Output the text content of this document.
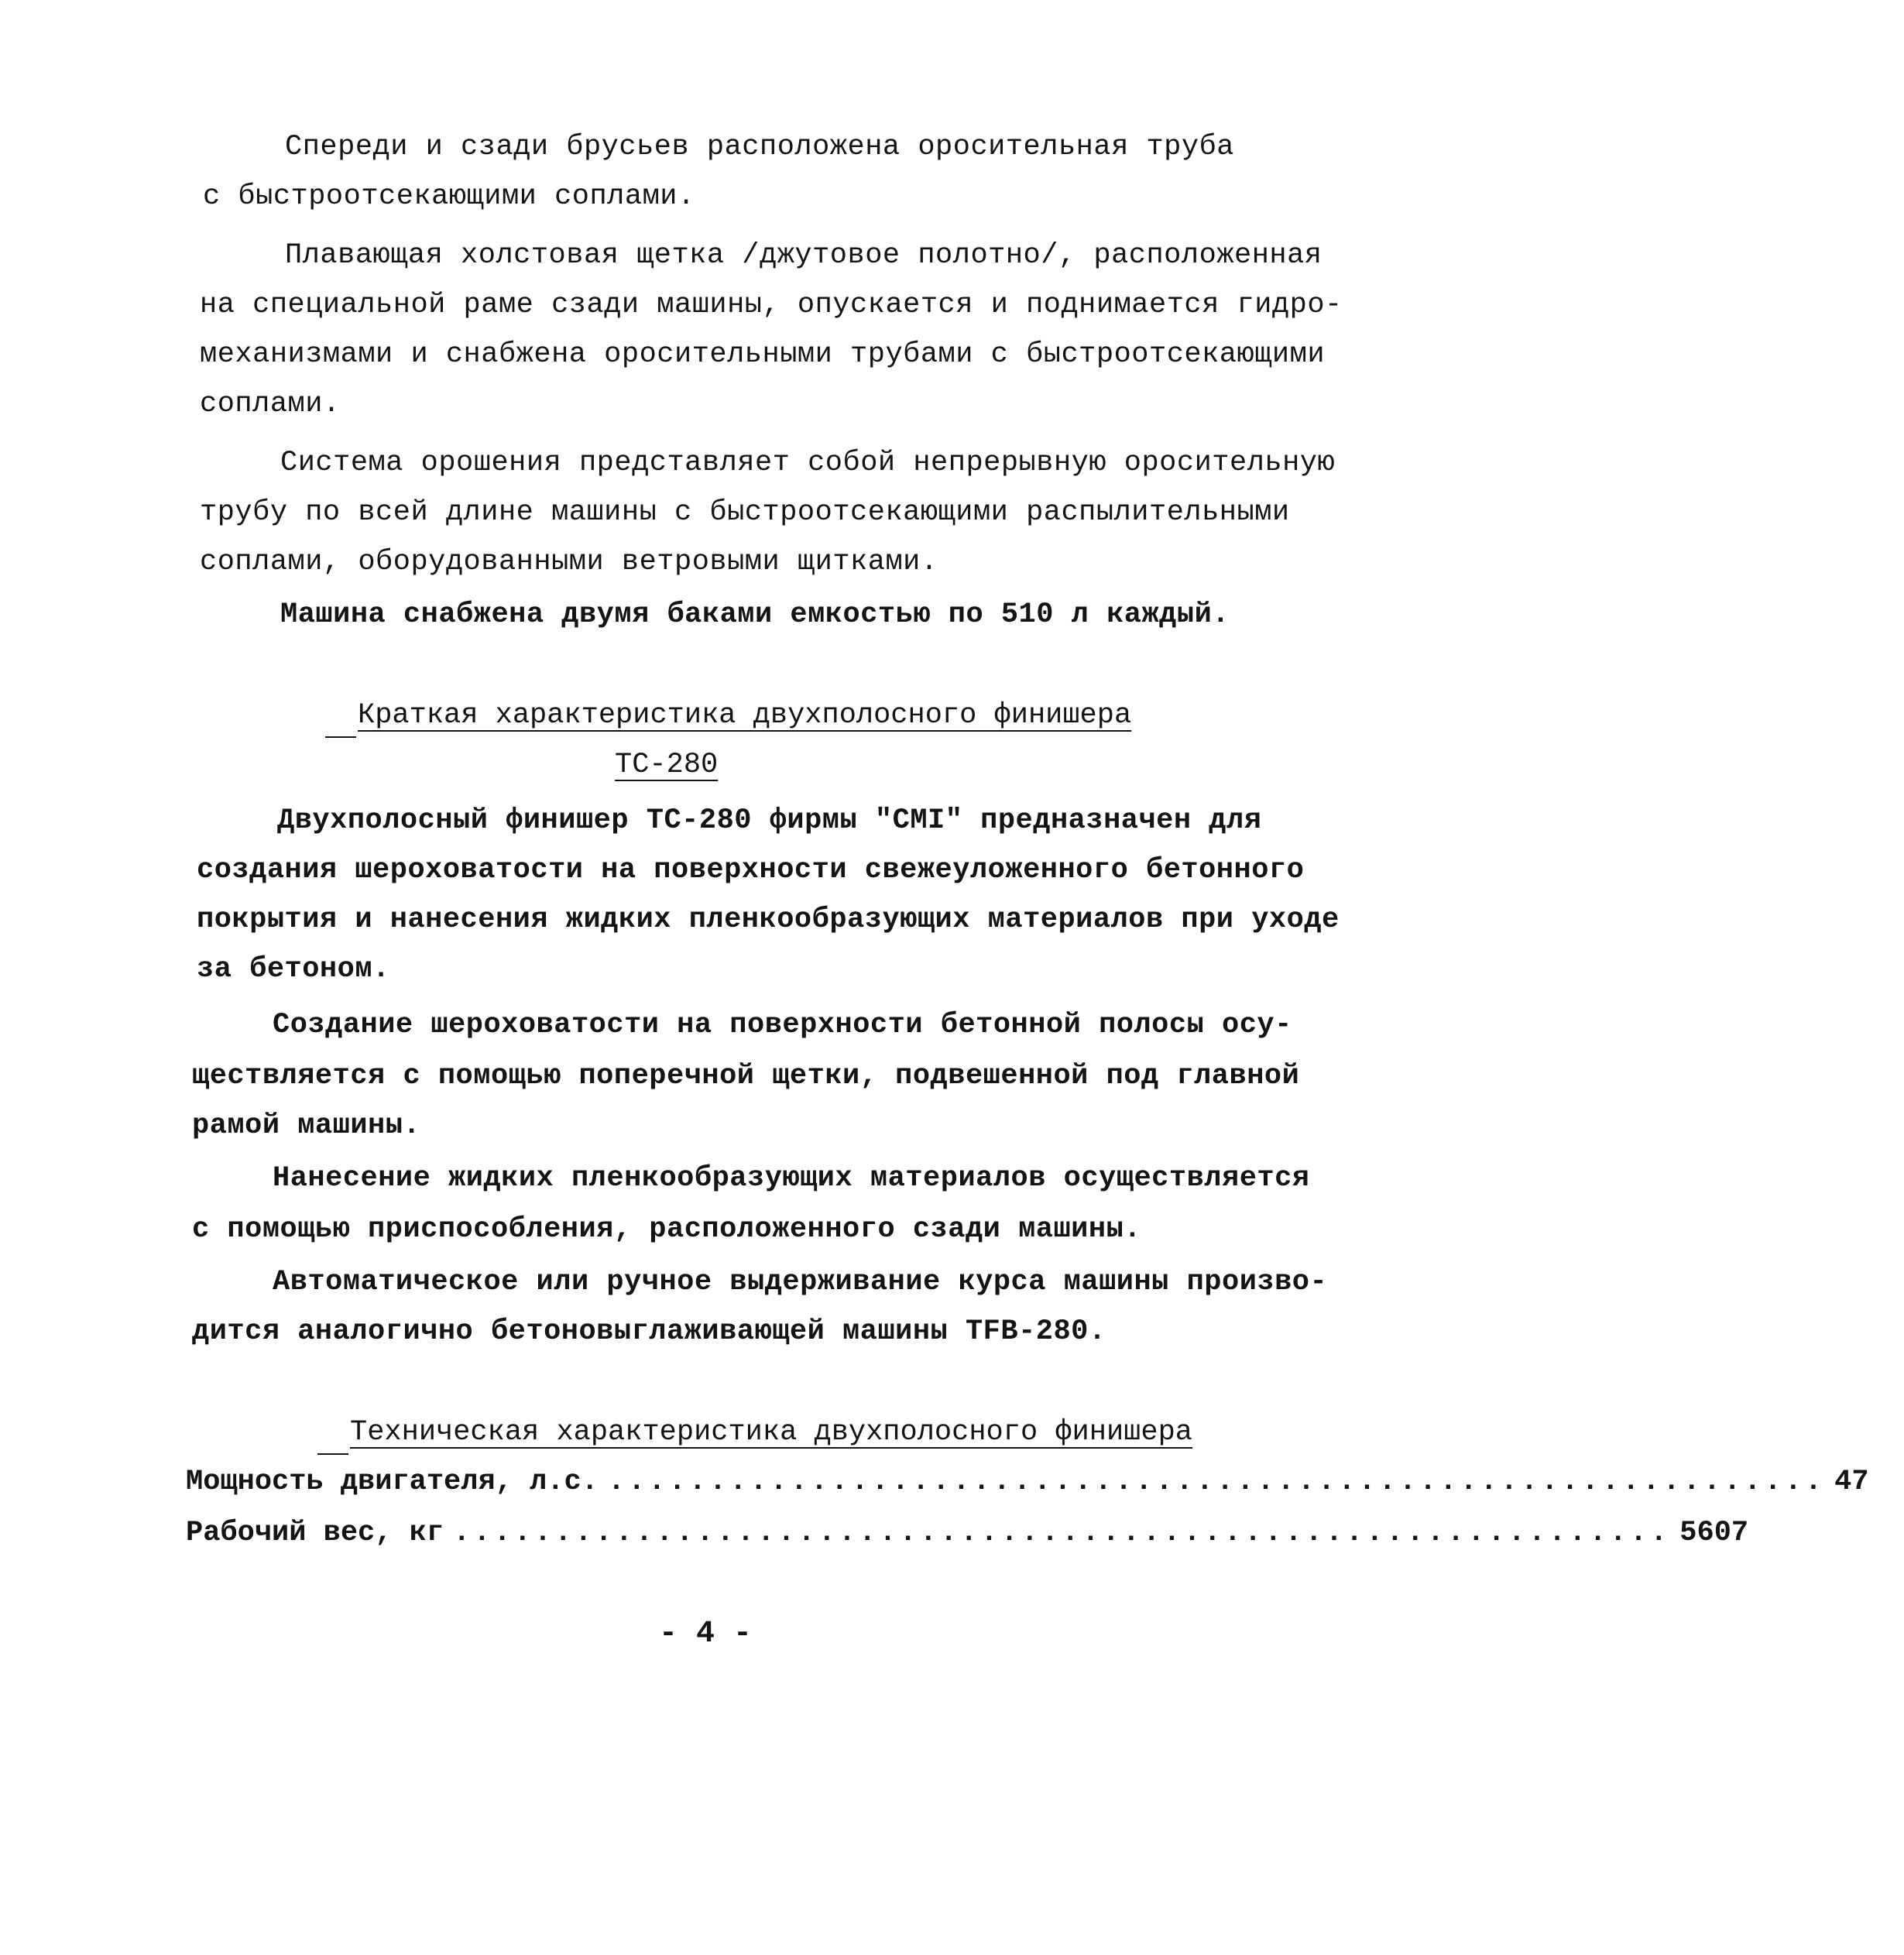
Спереди и сзади брусьев расположена оросительная труба
с быстроотсекающими соплами.
Плавающая холстовая щетка /джутовое полотно/, расположенная
на специальной раме сзади машины, опускается и поднимается гидро-
механизмами и снабжена оросительными трубами с быстроотсекающими
соплами.
Система орошения представляет собой непрерывную оросительную
трубу по всей длине машины с быстроотсекающими распылительными
соплами, оборудованными ветровыми щитками.
Машина снабжена двумя баками емкостью по 510 л каждый.
Краткая характеристика двухполосного финишера
ТС-280
Двухполосный финишер ТС-280 фирмы "СМI" предназначен для
создания шероховатости на поверхности свежеуложенного бетонного
покрытия и нанесения жидких пленкообразующих материалов при уходе
за бетоном.
Создание шероховатости на поверхности бетонной полосы осу-
ществляется с помощью поперечной щетки, подвешенной под главной
рамой машины.
Нанесение жидких пленкообразующих материалов осуществляется
с помощью приспособления, расположенного сзади машины.
Автоматическое или ручное выдерживание курса машины произво-
дится аналогично бетоновыглаживающей машины ТFВ-280.
Техническая характеристика двухполосного финишера
Мощность двигателя, л.с. ............................................................ 47
Рабочий вес, кг ............................................................ 5607
- 4 -
